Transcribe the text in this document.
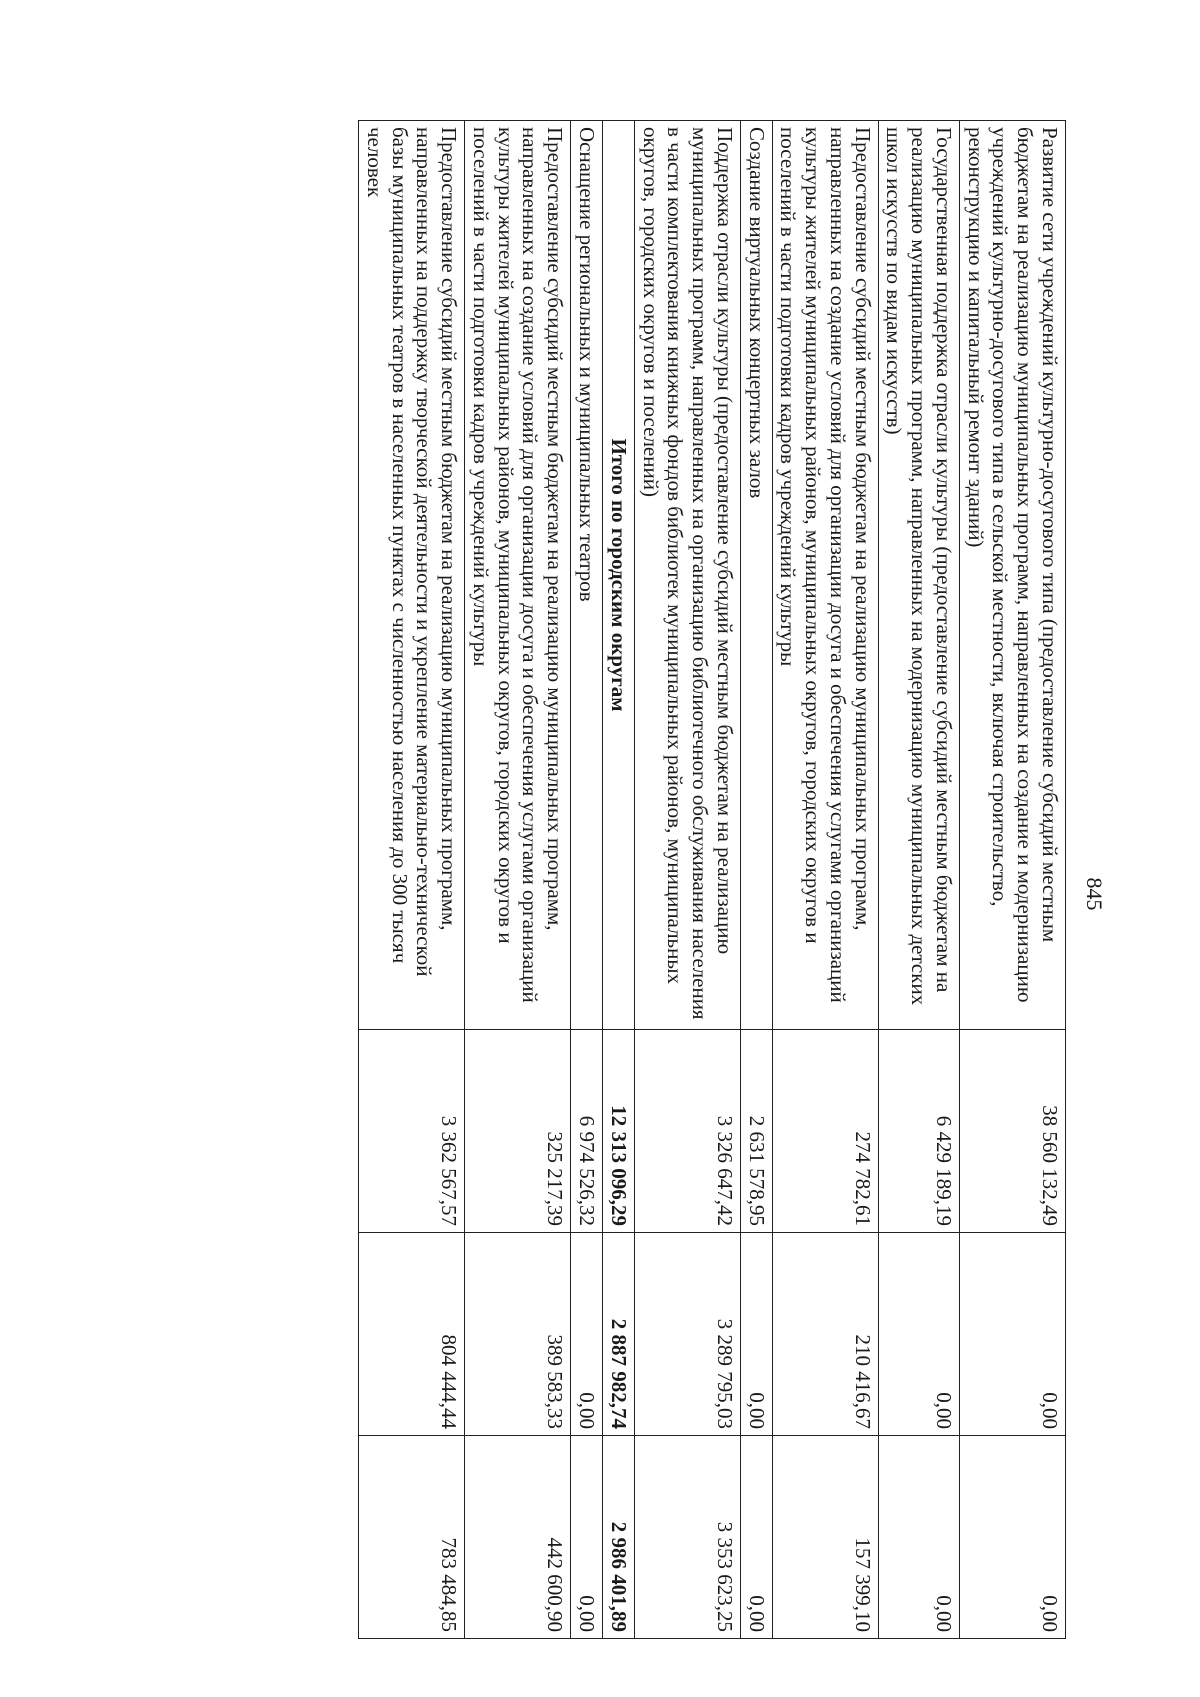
845
Развитие сети учреждений культурно-досугового типа (предоставление субсидий местным бюджетам на реализацию муниципальных программ, направленных на создание и модернизацию учреждений культурно-досугового типа в сельской местности, включая строительство, реконструкцию и капитальный ремонт зданий)	38 560 132,49	0,00	0,00
Государственная поддержка отрасли культуры (предоставление субсидий местным бюджетам на реализацию муниципальных программ, направленных на модернизацию муниципальных детских школ искусств по видам искусств)	6 429 189,19	0,00	0,00
Предоставление субсидий местным бюджетам на реализацию муниципальных программ, направленных на создание условий для организации досуга и обеспечения услугами организаций культуры жителей муниципальных районов, муниципальных округов, городских округов и поселений в части подготовки кадров учреждений культуры	274 782,61	210 416,67	157 399,10
Создание виртуальных концертных залов	2 631 578,95	0,00	0,00
Поддержка отрасли культуры (предоставление субсидий местным бюджетам на реализацию муниципальных программ, направленных на организацию библиотечного обслуживания населения в части комплектования книжных фондов библиотек муниципальных районов, муниципальных округов, городских округов и поселений)	3 326 647,42	3 289 795,03	3 353 623,25
Итого по городским округам	12 313 096,29	2 887 982,74	2 986 401,89
Оснащение региональных и муниципальных театров	6 974 526,32	0,00	0,00
Предоставление субсидий местным бюджетам на реализацию муниципальных программ, направленных на создание условий для организации досуга и обеспечения услугами организаций культуры жителей муниципальных районов, муниципальных округов, городских округов и поселений в части подготовки кадров учреждений культуры	325 217,39	389 583,33	442 600,90
Предоставление субсидий местным бюджетам на реализацию муниципальных программ, направленных на поддержку творческой деятельности и укрепление материально-технической базы муниципальных театров в населенных пунктах с численностью населения до 300 тысяч человек	3 362 567,57	804 444,44	783 484,85
